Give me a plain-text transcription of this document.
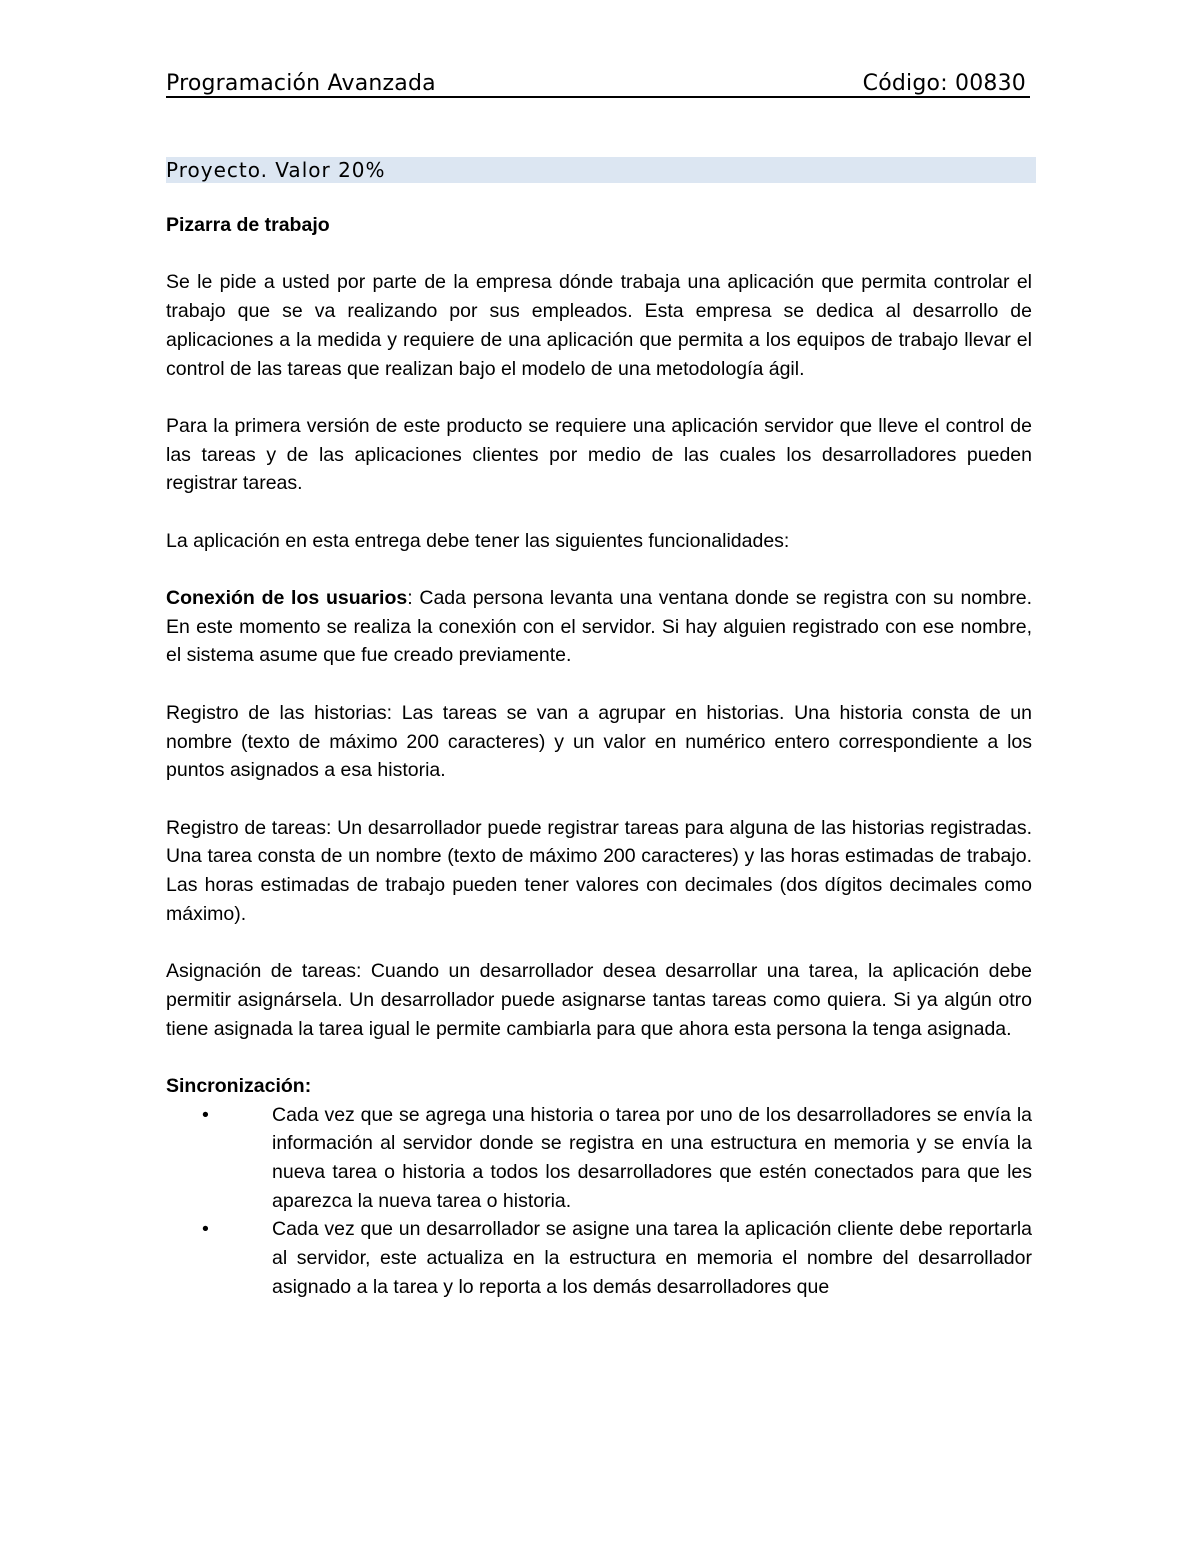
Programación Avanzada	Código: 00830
Proyecto. Valor 20%

Pizarra de trabajo

Se le pide a usted por parte de la empresa dónde trabaja una aplicación que permita controlar el trabajo que se va realizando por sus empleados. Esta empresa se dedica al desarrollo de aplicaciones a la medida y requiere de una aplicación que permita a los equipos de trabajo llevar el control de las tareas que realizan bajo el modelo de una metodología ágil.

Para la primera versión de este producto se requiere una aplicación servidor que lleve el control de las tareas y de las aplicaciones clientes por medio de las cuales los desarrolladores pueden registrar tareas.

La aplicación en esta entrega debe tener las siguientes funcionalidades:

Conexión de los usuarios: Cada persona levanta una ventana donde se registra con su nombre. En este momento se realiza la conexión con el servidor. Si hay alguien registrado con ese nombre, el sistema asume que fue creado previamente.

Registro de las historias: Las tareas se van a agrupar en historias. Una historia consta de un nombre (texto de máximo 200 caracteres) y un valor en numérico entero correspondiente a los puntos asignados a esa historia.

Registro de tareas: Un desarrollador puede registrar tareas para alguna de las historias registradas. Una tarea consta de un nombre (texto de máximo 200 caracteres) y las horas estimadas de trabajo. Las horas estimadas de trabajo pueden tener valores con decimales (dos dígitos decimales como máximo).

Asignación de tareas: Cuando un desarrollador desea desarrollar una tarea, la aplicación debe permitir asignársela. Un desarrollador puede asignarse tantas tareas como quiera. Si ya algún otro tiene asignada la tarea igual le permite cambiarla para que ahora esta persona la tenga asignada.

Sincronización:

•	Cada vez que se agrega una historia o tarea por uno de los desarrolladores se envía la información al servidor donde se registra en una estructura en memoria y se envía la nueva tarea o historia a todos los desarrolladores que estén conectados para que les aparezca la nueva tarea o historia.
•	Cada vez que un desarrollador se asigne una tarea la aplicación cliente debe reportarla al servidor, este actualiza en la estructura en memoria el nombre del desarrollador asignado a la tarea y lo reporta a los demás desarrolladores que
